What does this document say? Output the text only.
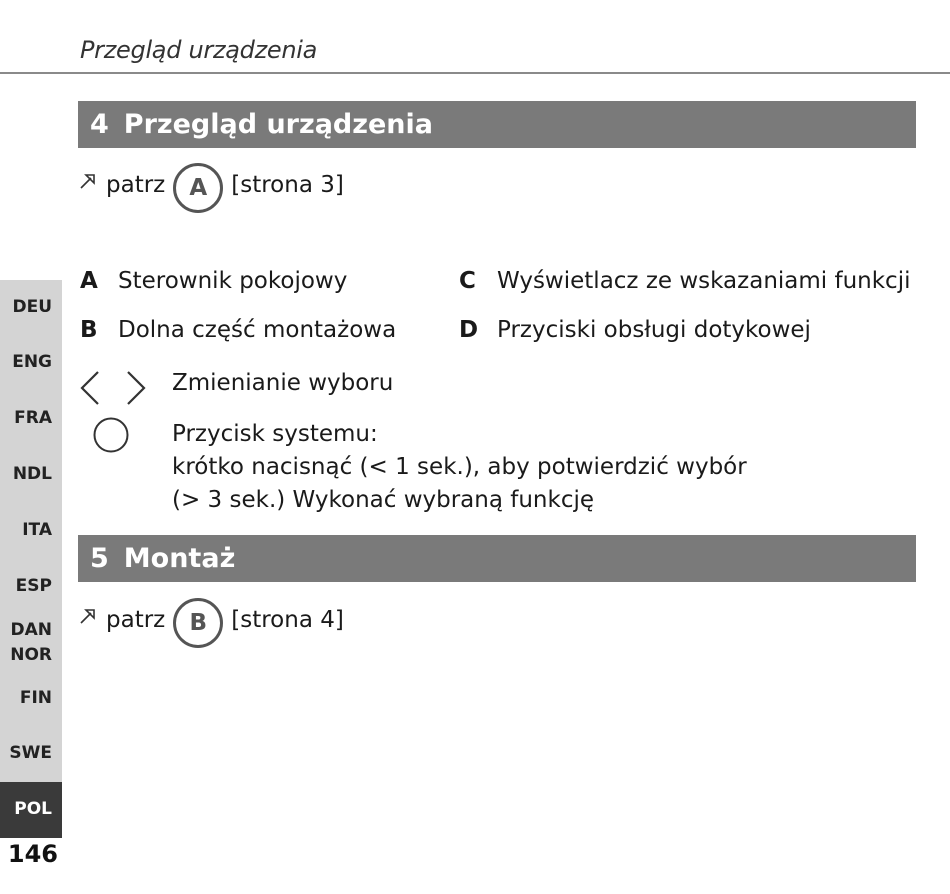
Przegląd urządzenia
4 Przegląd urządzenia
patrz	A	[strona 3]
A Sterownik pokojowy	C Wyświetlacz ze wskazaniami funkcji
B Dolna część montażowa	D Przyciski obsługi dotykowej
Zmienianie wyboru
Przycisk systemu:
krótko nacisnąć (< 1 sek.), aby potwierdzić wybór
(> 3 sek.) Wykonać wybraną funkcję
5 Montaż
patrz	B	[strona 4]
DEU
ENG
FRA
NDL
ITA
ESP
DAN
NOR
FIN
SWE
POL
146
